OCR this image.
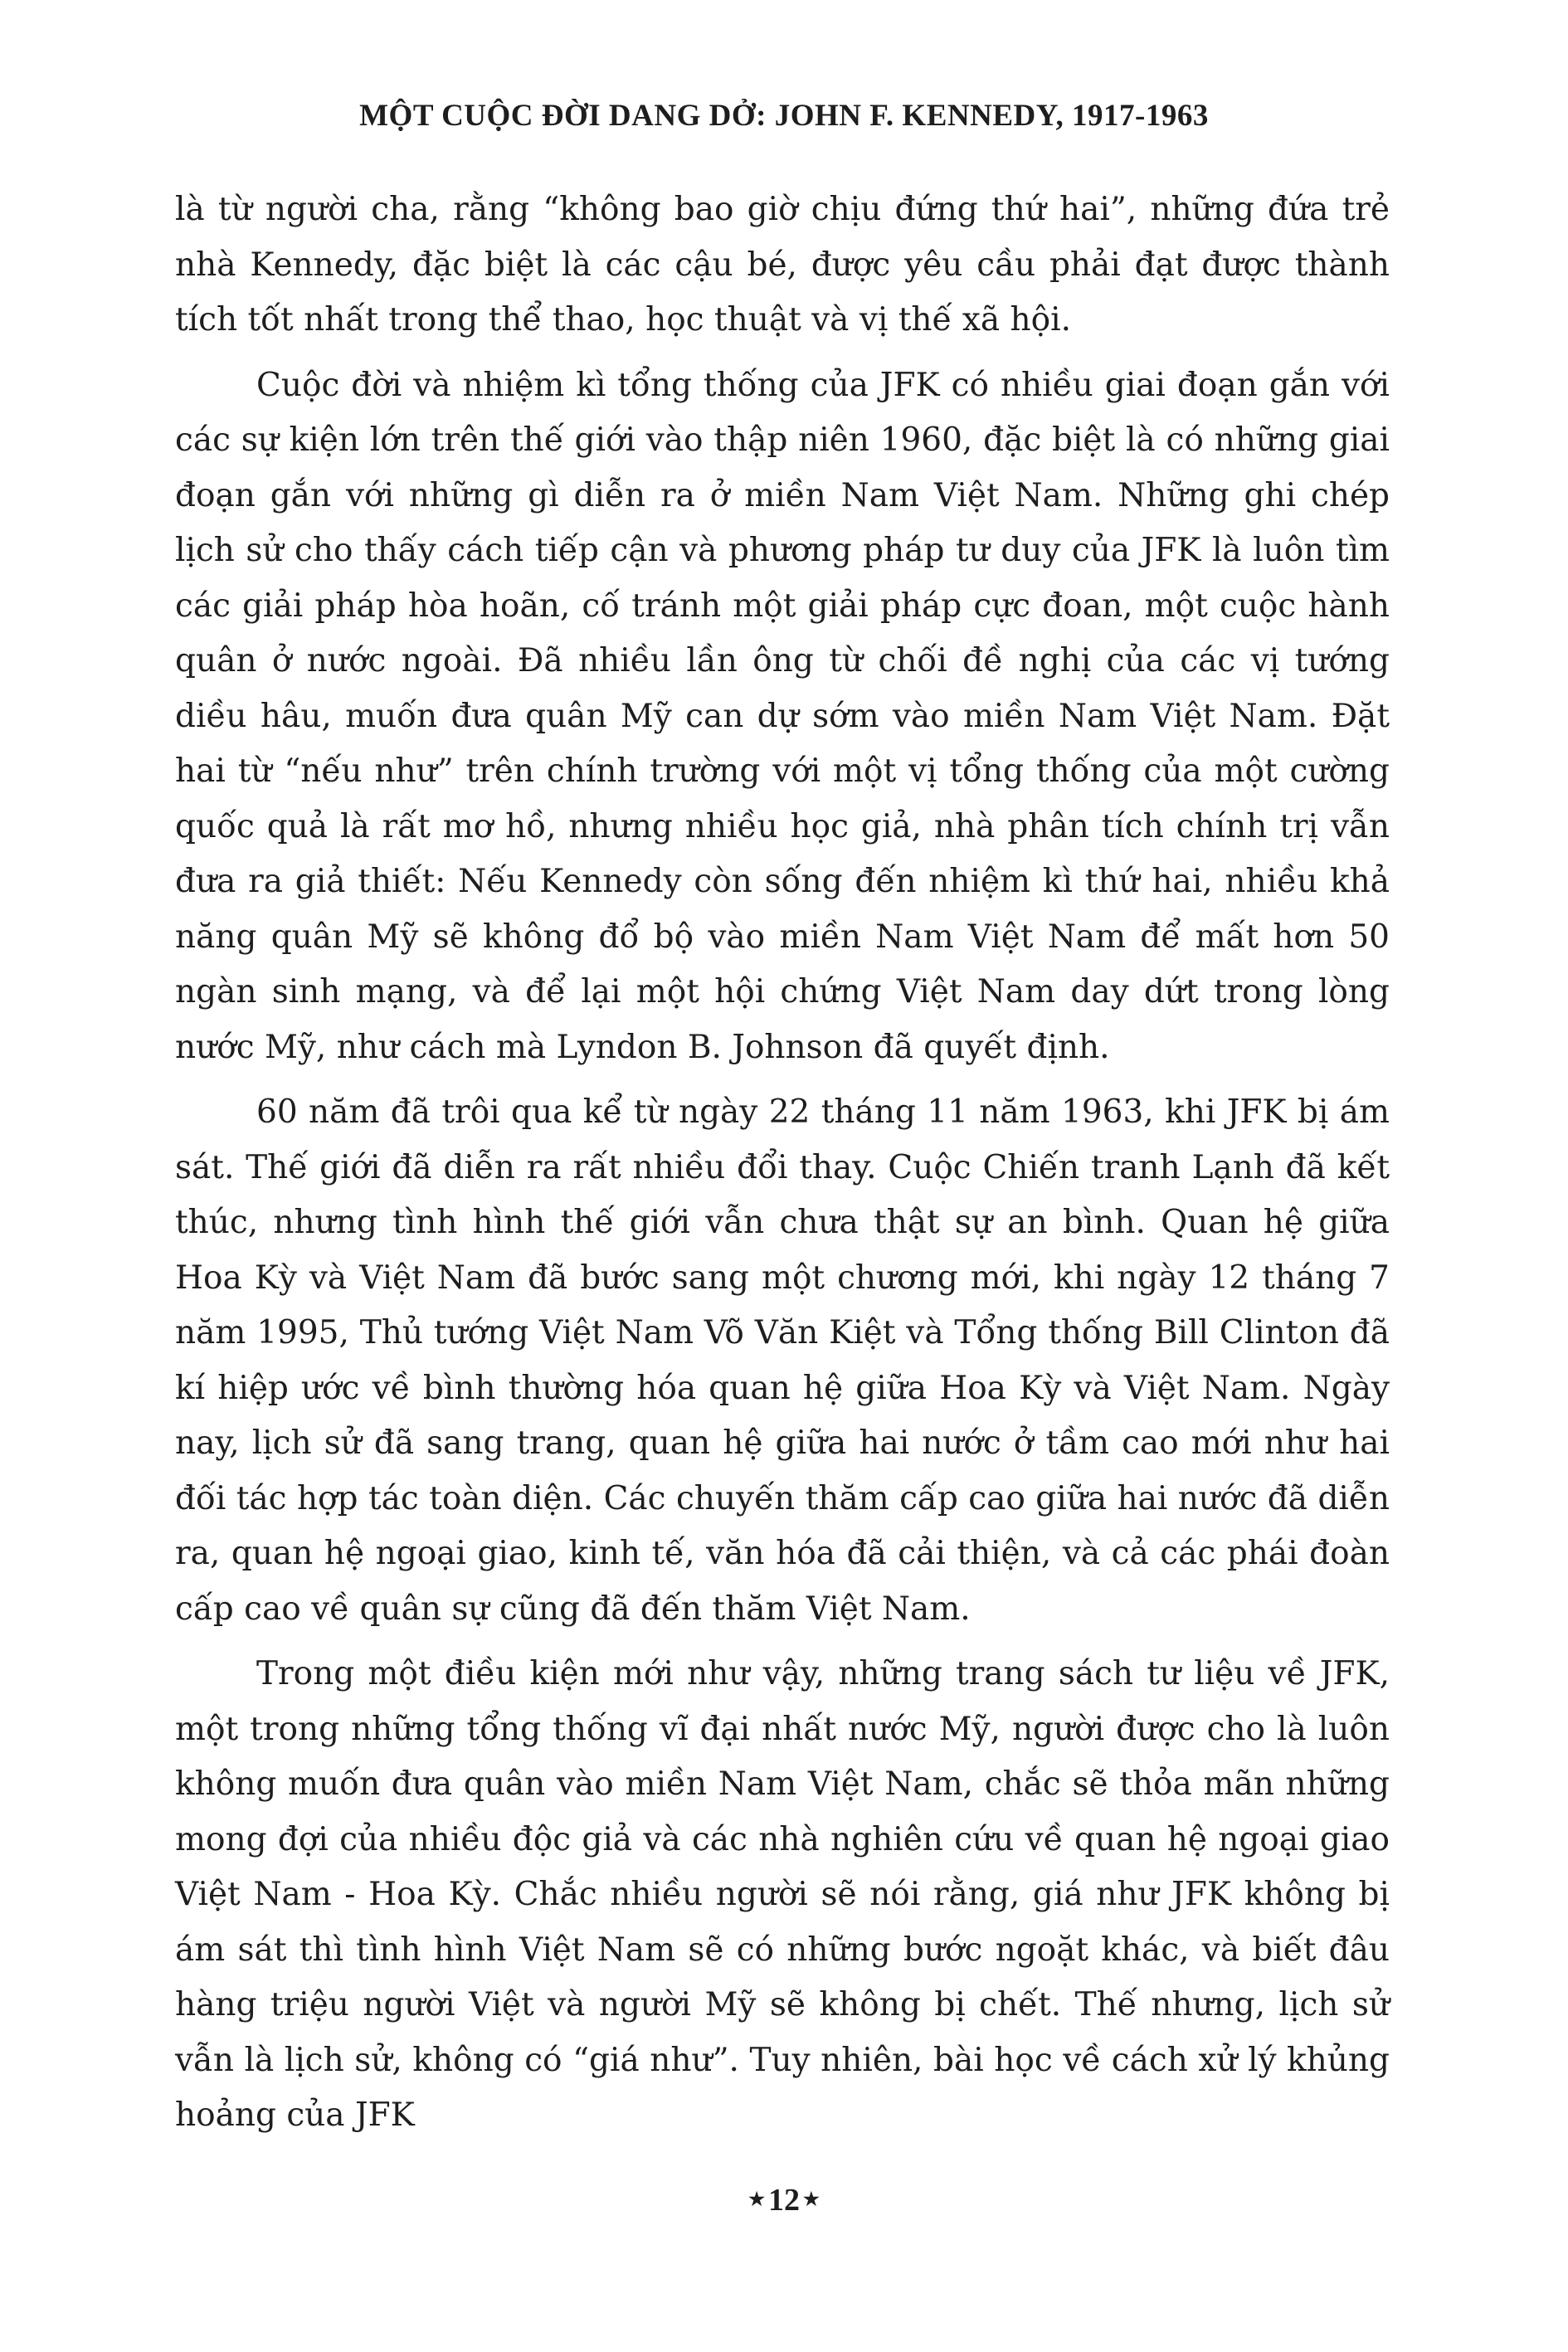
MỘT CUỘC ĐỜI DANG DỞ: JOHN F. KENNEDY, 1917-1963

là từ người cha, rằng “không bao giờ chịu đứng thứ hai”, những đứa trẻ nhà Kennedy, đặc biệt là các cậu bé, được yêu cầu phải đạt được thành tích tốt nhất trong thể thao, học thuật và vị thế xã hội.

Cuộc đời và nhiệm kì tổng thống của JFK có nhiều giai đoạn gắn với các sự kiện lớn trên thế giới vào thập niên 1960, đặc biệt là có những giai đoạn gắn với những gì diễn ra ở miền Nam Việt Nam. Những ghi chép lịch sử cho thấy cách tiếp cận và phương pháp tư duy của JFK là luôn tìm các giải pháp hòa hoãn, cố tránh một giải pháp cực đoan, một cuộc hành quân ở nước ngoài. Đã nhiều lần ông từ chối đề nghị của các vị tướng diều hâu, muốn đưa quân Mỹ can dự sớm vào miền Nam Việt Nam. Đặt hai từ “nếu như” trên chính trường với một vị tổng thống của một cường quốc quả là rất mơ hồ, nhưng nhiều học giả, nhà phân tích chính trị vẫn đưa ra giả thiết: Nếu Kennedy còn sống đến nhiệm kì thứ hai, nhiều khả năng quân Mỹ sẽ không đổ bộ vào miền Nam Việt Nam để mất hơn 50 ngàn sinh mạng, và để lại một hội chứng Việt Nam day dứt trong lòng nước Mỹ, như cách mà Lyndon B. Johnson đã quyết định.

60 năm đã trôi qua kể từ ngày 22 tháng 11 năm 1963, khi JFK bị ám sát. Thế giới đã diễn ra rất nhiều đổi thay. Cuộc Chiến tranh Lạnh đã kết thúc, nhưng tình hình thế giới vẫn chưa thật sự an bình. Quan hệ giữa Hoa Kỳ và Việt Nam đã bước sang một chương mới, khi ngày 12 tháng 7 năm 1995, Thủ tướng Việt Nam Võ Văn Kiệt và Tổng thống Bill Clinton đã kí hiệp ước về bình thường hóa quan hệ giữa Hoa Kỳ và Việt Nam. Ngày nay, lịch sử đã sang trang, quan hệ giữa hai nước ở tầm cao mới như hai đối tác hợp tác toàn diện. Các chuyến thăm cấp cao giữa hai nước đã diễn ra, quan hệ ngoại giao, kinh tế, văn hóa đã cải thiện, và cả các phái đoàn cấp cao về quân sự cũng đã đến thăm Việt Nam.

Trong một điều kiện mới như vậy, những trang sách tư liệu về JFK, một trong những tổng thống vĩ đại nhất nước Mỹ, người được cho là luôn không muốn đưa quân vào miền Nam Việt Nam, chắc sẽ thỏa mãn những mong đợi của nhiều độc giả và các nhà nghiên cứu về quan hệ ngoại giao Việt Nam - Hoa Kỳ. Chắc nhiều người sẽ nói rằng, giá như JFK không bị ám sát thì tình hình Việt Nam sẽ có những bước ngoặt khác, và biết đâu hàng triệu người Việt và người Mỹ sẽ không bị chết. Thế nhưng, lịch sử vẫn là lịch sử, không có “giá như”. Tuy nhiên, bài học về cách xử lý khủng hoảng của JFK

★ 12 ★
